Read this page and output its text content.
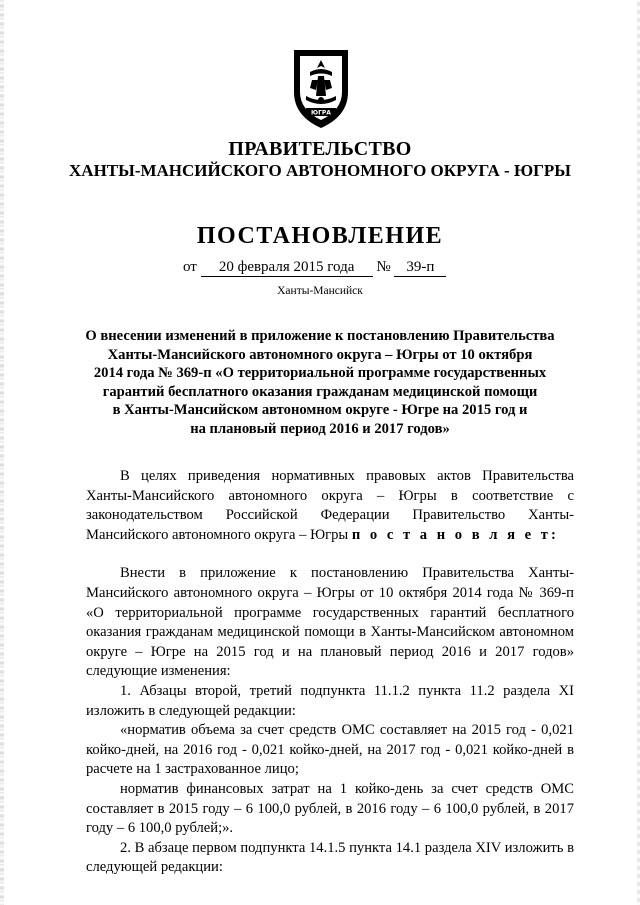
ЮГРА
ПРАВИТЕЛЬСТВО
ХАНТЫ-МАНСИЙСКОГО АВТОНОМНОГО ОКРУГА - ЮГРЫ
ПОСТАНОВЛЕНИЕ
от 20 февраля 2015 года № 39-п
Ханты-Мансийск
О внесении изменений в приложение к постановлению Правительства
Ханты-Мансийского автономного округа – Югры от 10 октября
2014 года № 369-п «О территориальной программе государственных
гарантий бесплатного оказания гражданам медицинской помощи
в Ханты-Мансийском автономном округе - Югре на 2015 год и
на плановый период 2016 и 2017 годов»

В целях приведения нормативных правовых актов Правительства Ханты-Мансийского автономного округа – Югры в соответствие с законодательством Российской Федерации Правительство Ханты-Мансийского автономного округа – Югры п о с т а н о в л я е т:

Внести в приложение к постановлению Правительства Ханты-Мансийского автономного округа – Югры от 10 октября 2014 года № 369-п «О территориальной программе государственных гарантий бесплатного оказания гражданам медицинской помощи в Ханты-Мансийском автономном округе – Югре на 2015 год и на плановый период 2016 и 2017 годов» следующие изменения:

1. Абзацы второй, третий подпункта 11.1.2 пункта 11.2 раздела XI изложить в следующей редакции:

«норматив объема за счет средств ОМС составляет на 2015 год - 0,021 койко-дней, на 2016 год - 0,021 койко-дней, на 2017 год - 0,021 койко-дней в расчете на 1 застрахованное лицо;

норматив финансовых затрат на 1 койко-день за счет средств ОМС составляет в 2015 году – 6 100,0 рублей, в 2016 году – 6 100,0 рублей, в 2017 году – 6 100,0 рублей;».

2. В абзаце первом подпункта 14.1.5 пункта 14.1 раздела XIV изложить в следующей редакции:
